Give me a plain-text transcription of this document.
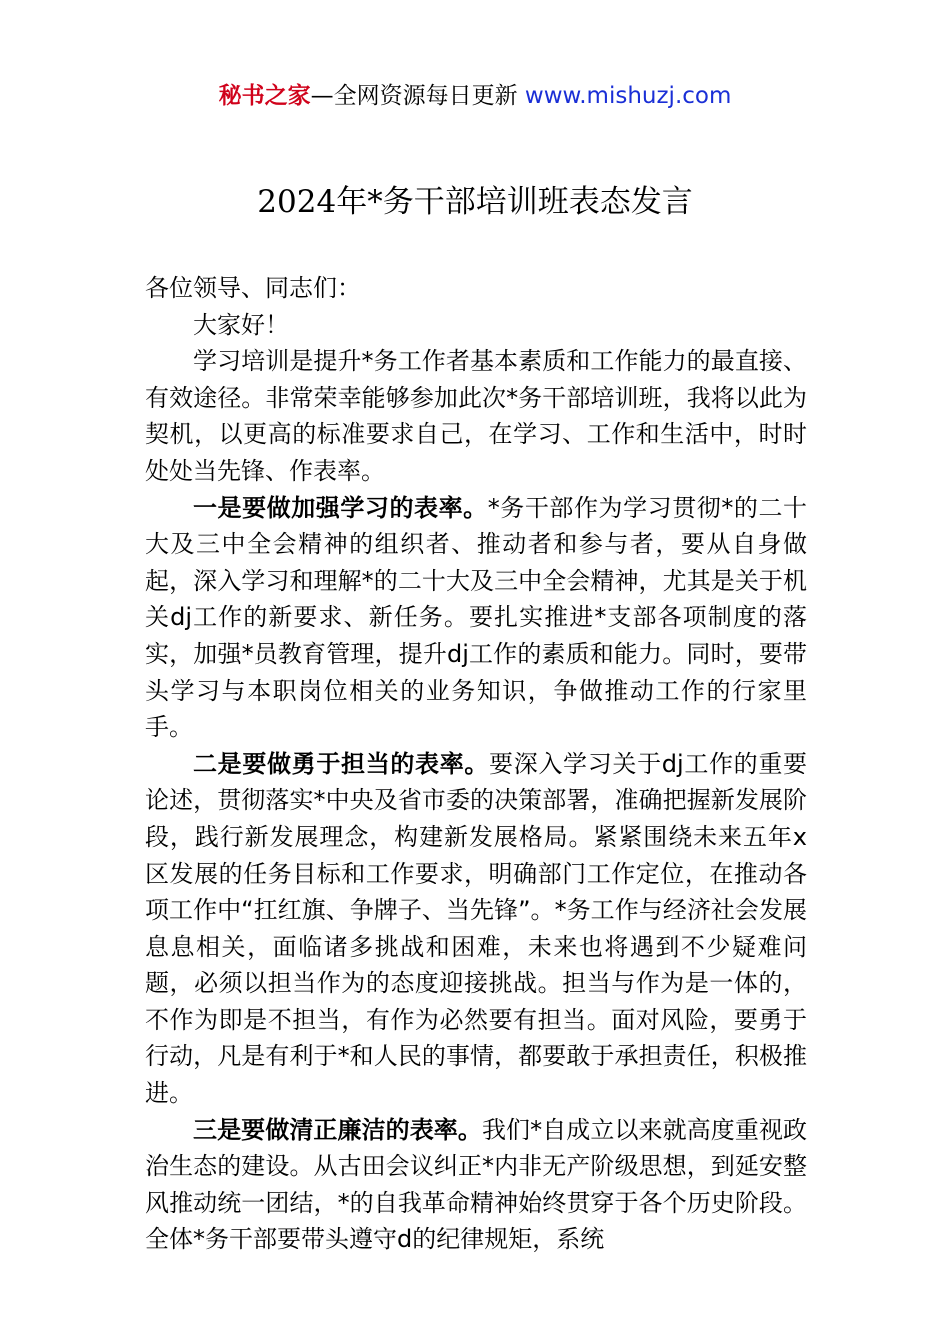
秘书之家—全网资源每日更新 www.mishuzj.com
2024年*务干部培训班表态发言

各位领导、同志们：

大家好！

学习培训是提升*务工作者基本素质和工作能力的最直接、有效途径。非常荣幸能够参加此次*务干部培训班，我将以此为契机，以更高的标准要求自己，在学习、工作和生活中，时时处处当先锋、作表率。

一是要做加强学习的表率。*务干部作为学习贯彻*的二十大及三中全会精神的组织者、推动者和参与者，要从自身做起，深入学习和理解*的二十大及三中全会精神，尤其是关于机关dj工作的新要求、新任务。要扎实推进*支部各项制度的落实，加强*员教育管理，提升dj工作的素质和能力。同时，要带头学习与本职岗位相关的业务知识，争做推动工作的行家里手。

二是要做勇于担当的表率。要深入学习关于dj工作的重要论述，贯彻落实*中央及省市委的决策部署，准确把握新发展阶段，践行新发展理念，构建新发展格局。紧紧围绕未来五年x区发展的任务目标和工作要求，明确部门工作定位，在推动各项工作中“扛红旗、争牌子、当先锋”。*务工作与经济社会发展息息相关，面临诸多挑战和困难，未来也将遇到不少疑难问题，必须以担当作为的态度迎接挑战。担当与作为是一体的，不作为即是不担当，有作为必然要有担当。面对风险，要勇于行动，凡是有利于*和人民的事情，都要敢于承担责任，积极推进。

三是要做清正廉洁的表率。我们*自成立以来就高度重视政治生态的建设。从古田会议纠正*内非无产阶级思想，到延安整风推动统一团结，*的自我革命精神始终贯穿于各个历史阶段。全体*务干部要带头遵守d的纪律规矩，系统
